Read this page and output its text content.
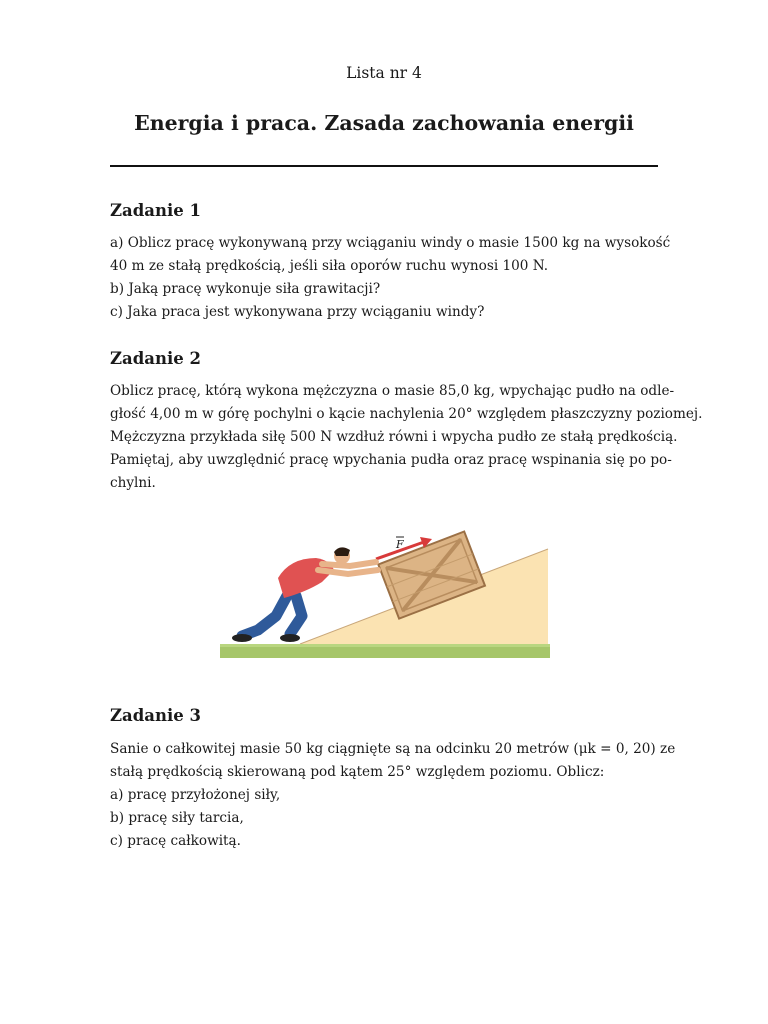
Lista nr 4
Energia i praca. Zasada zachowania energii
Zadanie 1
a) Oblicz pracę wykonywaną przy wciąganiu windy o masie 1500 kg na wysokość
40 m ze stałą prędkością, jeśli siła oporów ruchu wynosi 100 N.
b) Jaką pracę wykonuje siła grawitacji?
c) Jaka praca jest wykonywana przy wciąganiu windy?
Zadanie 2
Oblicz pracę, którą wykona mężczyzna o masie 85,0 kg, wpychając pudło na odle-
głość 4,00 m w górę pochylni o kącie nachylenia 20° względem płaszczyzny poziomej.
Mężczyzna przykłada siłę 500 N wzdłuż równi i wpycha pudło ze stałą prędkością.
Pamiętaj, aby uwzględnić pracę wpychania pudła oraz pracę wspinania się po po-
chylni.
F
Zadanie 3
Sanie o całkowitej masie 50 kg ciągnięte są na odcinku 20 metrów (μk = 0, 20) ze
stałą prędkością skierowaną pod kątem 25° względem poziomu. Oblicz:
a) pracę przyłożonej siły,
b) pracę siły tarcia,
c) pracę całkowitą.
